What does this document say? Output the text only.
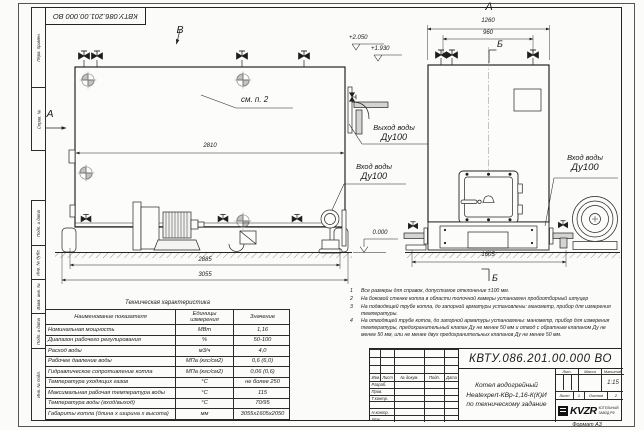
Перв. примен.
Справ. №
Подп. и дата
Инв. № дубл.
Взам. инв. №
Подп. и дата
Инв. № подл.
КВТУ.086.201.00.000 ВО
В
А
см. п. 2
2810
2885
3055
+2.050
+1.930
0.000
Выход воды
Ду100
Вход воды
Ду100
А
1260
960
Б
Б
Вход воды
Ду100
1605
1	Все размеры для справок, допустимое отклонение ±100 мм.
2	На боковой стенке котла в области топочной камеры установлен пробоотборный штуцер
3	На подводящей трубе котла, до запорной арматуры установлены: манометр, прибор для измерения температуры.
4	На отводящей трубе котла, до запорной арматуры установлены: манометр, прибор для измерения температуры, предохранительный клапан Ду не менее 50 мм и отвод с обратным клапаном Ду не менее 50 мм, или не менее двух предохранительных клапанов Ду не менее 50 мм.
Техническая характеристика
Наименование показателя	Единицы измерения	Значение
Номинальная мощность	МВт	1,16
Диапазон рабочего регулирования	%	50-100
Расход воды	м3/ч	4,0
Рабочее давление воды	МПа (кгс/см2)	0,6 (6,0)
Гидравлическое сопротивление котла	МПа (кгс/см2)	0,06 (0,6)
Температура уходящих газов	°С	не более 250
Максимальная рабочая температура воды	°С	115
Температура воды (вход/выход)	°С	70/95
Габариты котла (длина х ширина х высота)	мм	3055х1605х2050
Изм. Лист	№ докум.	Подп.	Дата
Разраб.
Пров.
Т.контр.
Н.контр.
Утв.
КВТУ.086.201.00.000 ВО
Котел водогрейный
Heatexpert-КВр-1,16-К(К)И
по техническому задание
Лит.	Масса	Масштаб
1:15
Лист	1	Листов	2
KVZR КОТЕЛЬНЫЙ
ЗАВОД РФ
Формат А3
